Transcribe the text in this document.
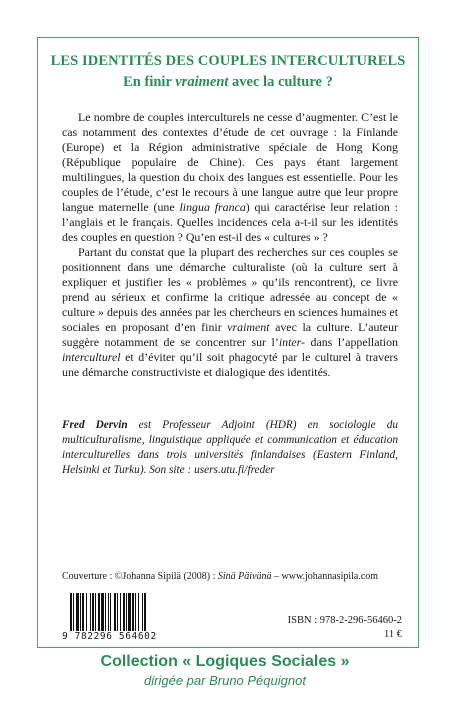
LES IDENTITÉS DES COUPLES INTERCULTURELS
En finir vraiment avec la culture ?

Le nombre de couples interculturels ne cesse d’augmenter. C’est le cas notamment des contextes d’étude de cet ouvrage : la Finlande (Europe) et la Région administrative spéciale de Hong Kong (République populaire de Chine). Ces pays étant largement multilingues, la question du choix des langues est essentielle. Pour les couples de l’étude, c’est le recours à une langue autre que leur propre langue maternelle (une lingua franca) qui caractérise leur relation : l’anglais et le français. Quelles incidences cela a-t-il sur les identités des couples en question ? Qu’en est-il des « cultures » ?

Partant du constat que la plupart des recherches sur ces couples se positionnent dans une démarche culturaliste (où la culture sert à expliquer et justifier les « problèmes » qu’ils rencontrent), ce livre prend au sérieux et confirme la critique adressée au concept de « culture » depuis des années par les chercheurs en sciences humaines et sociales en proposant d’en finir vraiment avec la culture. L’auteur suggère notamment de se concentrer sur l’inter- dans l’appellation interculturel et d’éviter qu’il soit phagocyté par le culturel à travers une démarche constructiviste et dialogique des identités.

Fred Dervin est Professeur Adjoint (HDR) en sociologie du multiculturalisme, linguistique appliquée et communication et éducation interculturelles dans trois universités finlandaises (Eastern Finland, Helsinki et Turku). Son site : users.utu.fi/freder
Couverture : ©Johanna Sipilä (2008) : Sinä Päivänä – www.johannasipila.com
9 782296 564602
ISBN : 978-2-296-56460-2
11 €
Collection « Logiques Sociales »
dirigée par Bruno Péquignot
